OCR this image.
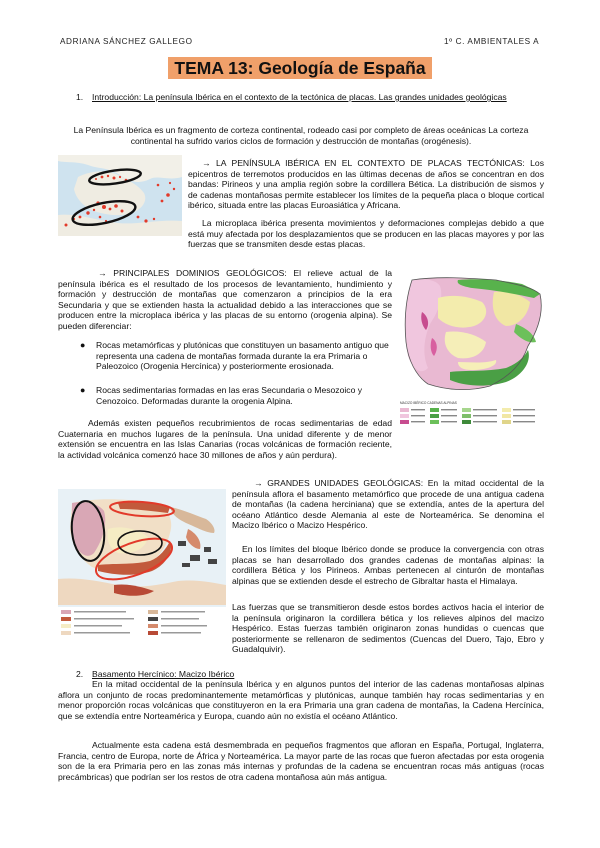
ADRIANA SÁNCHEZ GALLEGO	1º C. AMBIENTALES A
TEMA 13: Geología de España
1. Introducción: La península Ibérica en el contexto de la tectónica de placas. Las grandes unidades geológicas
La Península Ibérica es un fragmento de corteza continental, rodeado casi por completo de áreas oceánicas La corteza continental ha sufrido varios ciclos de formación y destrucción de montañas (orogénesis).
→ LA PENÍNSULA IBÉRICA EN EL CONTEXTO DE PLACAS TECTÓNICAS: Los epicentros de terremotos producidos en las últimas decenas de años se concentran en dos bandas: Pirineos y una amplia región sobre la cordillera Bética. La distribución de sismos y de cadenas montañosas permite establecer los límites de la pequeña placa o bloque cortical ibérico, situada entre las placas Euroasiática y Africana.
La microplaca ibérica presenta movimientos y deformaciones complejas debido a que está muy afectada por los desplazamientos que se producen en las placas mayores y por las fuerzas que se transmiten desde estas placas.
→ PRINCIPALES DOMINIOS GEOLÓGICOS: El relieve actual de la península ibérica es el resultado de los procesos de levantamiento, hundimiento y formación y destrucción de montañas que comenzaron a principios de la era Secundaria y que se extienden hasta la actualidad debido a las interacciones que se producen entre la microplaca ibérica y las placas de su entorno (orogenia alpina). Se pueden diferenciar:
MACIZO IBÉRICO CADENAS ALPINAS
● Rocas metamórficas y plutónicas que constituyen un basamento antiguo que representa una cadena de montañas formada durante la era Primaria o Paleozoico (Orogenia Hercínica) y posteriormente erosionada.
● Rocas sedimentarias formadas en las eras Secundaria o Mesozoico y Cenozoico. Deformadas durante la orogenia Alpina.
Además existen pequeños recubrimientos de rocas sedimentarias de edad Cuaternaria en muchos lugares de la península. Una unidad diferente y de menor extensión se encuentra en las Islas Canarias (rocas volcánicas de formación reciente, la actividad volcánica comenzó hace 30 millones de años y aún perdura).
→ GRANDES UNIDADES GEOLÓGICAS: En la mitad occidental de la península aflora el basamento metamórfico que procede de una antigua cadena de montañas (la cadena herciniana) que se extendía, antes de la apertura del océano Atlántico desde Alemania al este de Norteamérica. Se denomina el Macizo Ibérico o Macizo Hespérico.
En los límites del bloque Ibérico donde se produce la convergencia con otras placas se han desarrollado dos grandes cadenas de montañas alpinas: la cordillera Bética y los Pirineos. Ambas pertenecen al cinturón de montañas alpinas que se extienden desde el estrecho de Gibraltar hasta el Himalaya.
Las fuerzas que se transmitieron desde estos bordes activos hacia el interior de la península originaron la cordillera bética y los relieves alpinos del macizo Hespérico. Estas fuerzas también originaron zonas hundidas o cuencas que posteriormente se rellenaron de sedimentos (Cuencas del Duero, Tajo, Ebro y Guadalquivir).
2. Basamento Hercínico: Macizo Ibérico
En la mitad occidental de la península Ibérica y en algunos puntos del interior de las cadenas montañosas alpinas aflora un conjunto de rocas predominantemente metamórficas y plutónicas, aunque también hay rocas sedimentarias y en menor proporción rocas volcánicas que constituyeron en la era Primaria una gran cadena de montañas, la Cadena Hercínica, que se extendía entre Norteamérica y Europa, cuando aún no existía el océano Atlántico.
Actualmente esta cadena está desmembrada en pequeños fragmentos que afloran en España, Portugal, Inglaterra, Francia, centro de Europa, norte de África y Norteamérica. La mayor parte de las rocas que fueron afectadas por esta orogenia son de la era Primaria pero en las zonas más internas y profundas de la cadena se encuentran rocas más antiguas (rocas precámbricas) que podrían ser los restos de otra cadena montañosa aún más antigua.
